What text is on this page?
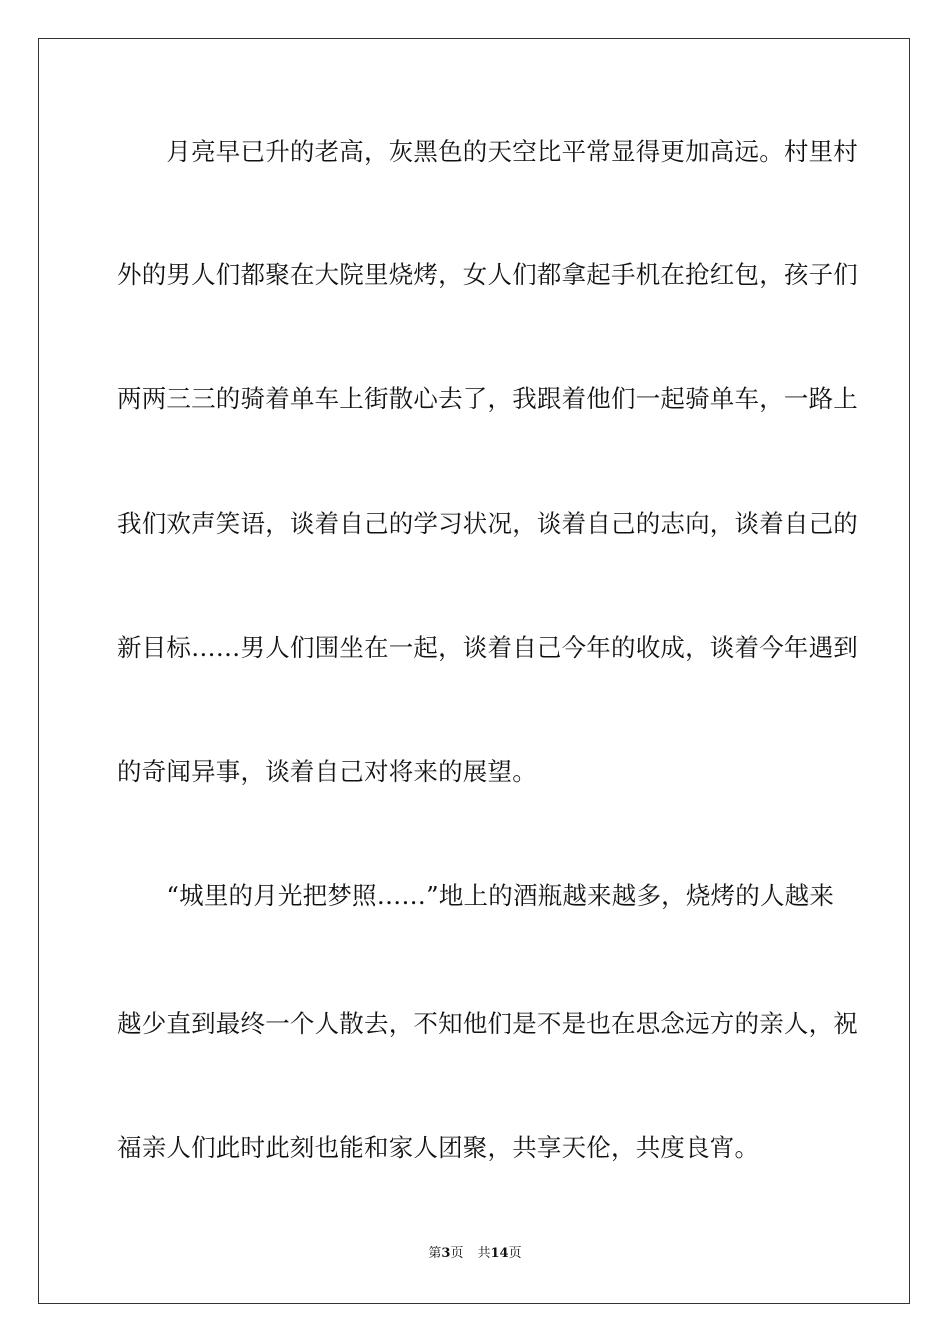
　　月亮早已升的老高，灰黑色的天空比平常显得更加高远。村里村
外的男人们都聚在大院里烧烤，女人们都拿起手机在抢红包，孩子们
两两三三的骑着单车上街散心去了，我跟着他们一起骑单车，一路上
我们欢声笑语，谈着自己的学习状况，谈着自己的志向，谈着自己的
新目标……男人们围坐在一起，谈着自己今年的收成，谈着今年遇到
的奇闻异事，谈着自己对将来的展望。
　　“城里的月光把梦照……”地上的酒瓶越来越多，烧烤的人越来
越少直到最终一个人散去，不知他们是不是也在思念远方的亲人，祝
福亲人们此时此刻也能和家人团聚，共享天伦，共度良宵。
第3页 共14页
